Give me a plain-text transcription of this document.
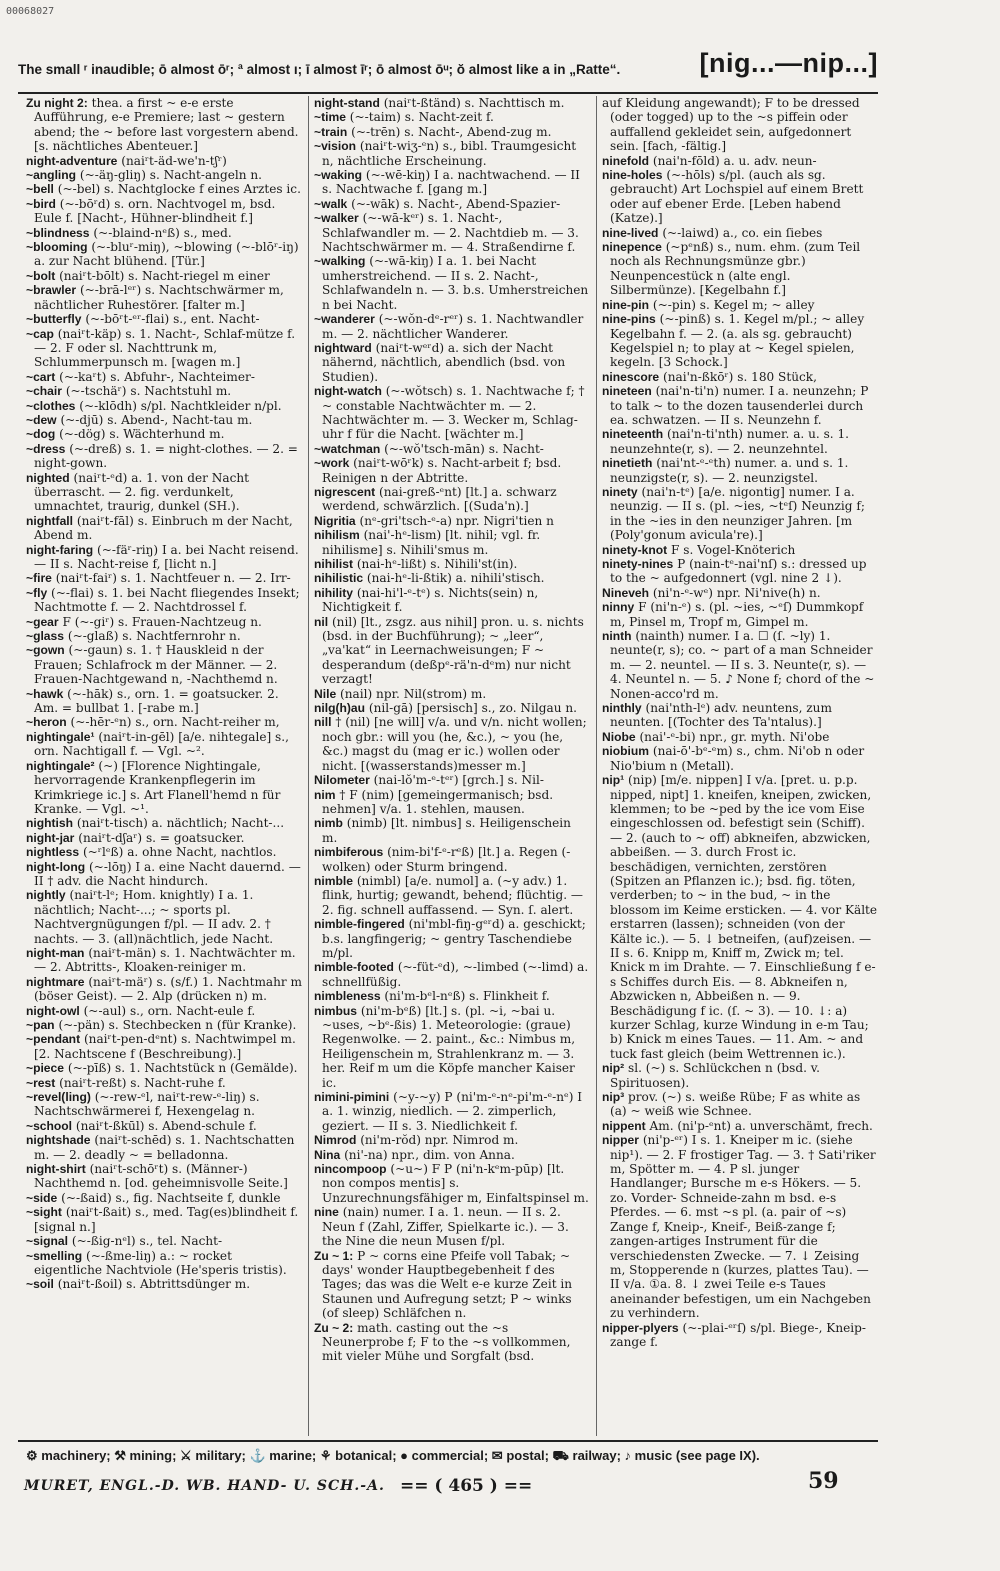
00068027
The small ʳ inaudible; ō almost ōʳ; ª almost ı; ī almost īʳ; ō almost ōᵘ; ŏ almost like a in „Ratte“.	[nig...—nip...]
Zu night 2: thea. a first ~ e-e erste Aufführung, e-e Premiere; last ~ gestern abend; the ~ before last vorgestern abend. [s. nächtliches Abenteuer.]
night-adventure (naiʳt-äd-we'n-tʃʳ)
~angling (~-äŋ-gliŋ) s. Nacht-angeln n.
~bell (~-bel) s. Nachtglocke f eines Arztes ic.
~bird (~-bōʳd) s. orn. Nachtvogel m, bsd. Eule f. [Nacht-, Hühner-blindheit f.]
~blindness (~-blaind-nᵉß) s., med.
~blooming (~-bluʳ-miŋ), ~blowing (~-blōʳ-iŋ) a. zur Nacht blühend. [Tür.]
~bolt (naiʳt-bōlt) s. Nacht-riegel m einer
~brawler (~-brā-lᵉʳ) s. Nachtschwärmer m, nächtlicher Ruhestörer. [falter m.]
~butterfly (~-bōʳt-ᵉʳ-flai) s., ent. Nacht-
~cap (naiʳt-käp) s. 1. Nacht-, Schlaf-mütze f. — 2. F oder sl. Nachttrunk m, Schlummerpunsch m. [wagen m.]
~cart (~-kaʳt) s. Abfuhr-, Nachteimer-
~chair (~-tschäʳ) s. Nachtstuhl m.
~clothes (~-klōdh) s/pl. Nachtkleider n/pl.
~dew (~-djū) s. Abend-, Nacht-tau m.
~dog (~-dög) s. Wächterhund m.
~dress (~-dreß) s. 1. = night-clothes. — 2. = night-gown.
nighted (naiʳt-ᵉd) a. 1. von der Nacht überrascht. — 2. fig. verdunkelt, umnachtet, traurig, dunkel (SH.).
nightfall (naiʳt-fāl) s. Einbruch m der Nacht, Abend m.
night-faring (~-fäʳ-riŋ) I a. bei Nacht reisend. — II s. Nacht-reise f, [licht n.]
~fire (naiʳt-faiʳ) s. 1. Nachtfeuer n. — 2. Irr-
~fly (~-flai) s. 1. bei Nacht fliegendes Insekt; Nachtmotte f. — 2. Nachtdrossel f.
~gear F (~-giʳ) s. Frauen-Nachtzeug n.
~glass (~-glaß) s. Nachtfernrohr n.
~gown (~-gaun) s. 1. † Hauskleid n der Frauen; Schlafrock m der Männer. — 2. Frauen-Nachtgewand n, -Nachthemd n.
~hawk (~-hāk) s., orn. 1. = goatsucker. 2. Am. = bullbat 1. [-rabe m.]
~heron (~-hēr-ᵉn) s., orn. Nacht-reiher m,
nightingale¹ (naiʳt-in-gēl) [a/e. nihtegale] s., orn. Nachtigall f. — Vgl. ~².
nightingale² (~) [Florence Nightingale, hervorragende Krankenpflegerin im Krimkriege ic.] s. Art Flanell'hemd n für Kranke. — Vgl. ~¹.
nightish (naiʳt-tisch) a. nächtlich; Nacht-...
night-jar (naiʳt-dʃaʳ) s. = goatsucker.
nightless (~ʳlᵉß) a. ohne Nacht, nachtlos.
night-long (~-lōŋ) I a. eine Nacht dauernd. — II † adv. die Nacht hindurch.
nightly (naiʳt-lᵉ; Hom. knightly) I a. 1. nächtlich; Nacht-...; ~ sports pl. Nachtvergnügungen f/pl. — II adv. 2. † nachts. — 3. (all)nächtlich, jede Nacht.
night-man (naiʳt-män) s. 1. Nachtwächter m. — 2. Abtritts-, Kloaken-reiniger m.
nightmare (naiʳt-mäʳ) s. (s/f.) 1. Nachtmahr m (böser Geist). — 2. Alp (drücken n) m.
night-owl (~-aul) s., orn. Nacht-eule f.
~pan (~-pän) s. Stechbecken n (für Kranke).
~pendant (naiʳt-pen-dᵉnt) s. Nachtwimpel m. [2. Nachtscene f (Beschreibung).]
~piece (~-pīß) s. 1. Nachtstück n (Gemälde).
~rest (naiʳt-reßt) s. Nacht-ruhe f.
~revel(ling) (~-rew-ᵉl, naiʳt-rew-ᵉ-liŋ) s. Nachtschwärmerei f, Hexengelag n.
~school (naiʳt-ßkūl) s. Abend-schule f.
nightshade (naiʳt-schēd) s. 1. Nachtschatten m. — 2. deadly ~ = belladonna.
night-shirt (naiʳt-schōʳt) s. (Männer-) Nachthemd n. [od. geheimnisvolle Seite.]
~side (~-ßaid) s., fig. Nachtseite f, dunkle
~sight (naiʳt-ßait) s., med. Tag(es)blindheit f. [signal n.]
~signal (~-ßig-nᵉl) s., tel. Nacht-
~smelling (~-ßme-liŋ) a.: ~ rocket eigentliche Nachtviole (He'speris tristis).
~soil (naiʳt-ßoil) s. Abtrittsdünger m.
night-stand (naiʳt-ßtänd) s. Nachttisch m.
~time (~-taim) s. Nacht-zeit f.
~train (~-trēn) s. Nacht-, Abend-zug m.
~vision (naiʳt-wiʒ-ᵉn) s., bibl. Traumgesicht n, nächtliche Erscheinung.
~waking (~-wē-kiŋ) I a. nachtwachend. — II s. Nachtwache f. [gang m.]
~walk (~-wāk) s. Nacht-, Abend-Spazier-
~walker (~-wā-kᵉʳ) s. 1. Nacht-, Schlafwandler m. — 2. Nachtdieb m. — 3. Nachtschwärmer m. — 4. Straßendirne f.
~walking (~-wā-kiŋ) I a. 1. bei Nacht umherstreichend. — II s. 2. Nacht-, Schlafwandeln n. — 3. b.s. Umherstreichen n bei Nacht.
~wanderer (~-wŏn-dᵉ-rᵉʳ) s. 1. Nachtwandler m. — 2. nächtlicher Wanderer.
nightward (naiʳt-wᵉʳd) a. sich der Nacht nähernd, nächtlich, abendlich (bsd. von Studien).
night-watch (~-wŏtsch) s. 1. Nachtwache f; † ~ constable Nachtwächter m. — 2. Nachtwächter m. — 3. Wecker m, Schlag-uhr f für die Nacht. [wächter m.]
~watchman (~-wŏ'tsch-mān) s. Nacht-
~work (naiʳt-wōʳk) s. Nacht-arbeit f; bsd. Reinigen n der Abtritte.
nigrescent (nai-greß-ᵉnt) [lt.] a. schwarz werdend, schwärzlich. [(Suda'n).]
Nigritia (nᵉ-gri'tsch-ᵉ-a) npr. Nigri'tien n
nihilism (nai'-hᵉ-lism) [lt. nihil; vgl. fr. nihilisme] s. Nihili'smus m.
nihilist (nai-hᵉ-lißt) s. Nihili'st(in).
nihilistic (nai-hᵉ-li-ßtik) a. nihili'stisch.
nihility (nai-hi'l-ᵉ-tᵉ) s. Nichts(sein) n, Nichtigkeit f.
nil (nil) [lt., zsgz. aus nihil] pron. u. s. nichts (bsd. in der Buchführung); ~ „leer“, „va'kat“ in Leernachweisungen; F ~ desperandum (deßpᵉ-rä'n-dᵉm) nur nicht verzagt!
Nile (nail) npr. Nil(strom) m.
nilg(h)au (nil-gā) [persisch] s., zo. Nilgau n.
nill † (nil) [ne will] v/a. und v/n. nicht wollen; noch gbr.: will you (he, &c.), ~ you (he, &c.) magst du (mag er ic.) wollen oder nicht. [(wasserstands)messer m.]
Nilometer (nai-lŏ'm-ᵉ-tᵉʳ) [grch.] s. Nil-
nim † F (nim) [gemeingermanisch; bsd. nehmen] v/a. 1. stehlen, mausen.
nimb (nimb) [lt. nimbus] s. Heiligenschein m.
nimbiferous (nim-bi'f-ᵉ-rᵉß) [lt.] a. Regen (-wolken) oder Sturm bringend.
nimble (nimbl) [a/e. numol] a. (~y adv.) 1. flink, hurtig; gewandt, behend; flüchtig. — 2. fig. schnell auffassend. — Syn. ſ. alert.
nimble-fingered (ni'mbl-fiŋ-gᵉʳd) a. geschickt; b.s. langfingerig; ~ gentry Taschendiebe m/pl.
nimble-footed (~-füt-ᵉd), ~-limbed (~-limd) a. schnellfüßig.
nimbleness (ni'm-bᵉl-nᵉß) s. Flinkheit f.
nimbus (ni'm-bᵉß) [lt.] s. (pl. ~i, ~bai u. ~uses, ~bᵉ-ßis) 1. Meteorologie: (graue) Regenwolke. — 2. paint., &c.: Nimbus m, Heiligenschein m, Strahlenkranz m. — 3. her. Reif m um die Köpfe mancher Kaiser ic.
nimini-pimini (~y-~y) P (ni'm-ᵉ-nᵉ-pi'm-ᵉ-nᵉ) I a. 1. winzig, niedlich. — 2. zimperlich, geziert. — II s. 3. Niedlichkeit f.
Nimrod (ni'm-rŏd) npr. Nimrod m.
Nina (ni'-na) npr., dim. von Anna.
nincompoop (~u~) F P (ni'n-kᵉm-pūp) [lt. non compos mentis] s. Unzurechnungsfähiger m, Einfaltspinsel m.
nine (nain) numer. I a. 1. neun. — II s. 2. Neun f (Zahl, Ziffer, Spielkarte ic.). — 3. the Nine die neun Musen f/pl.
Zu ~ 1: P ~ corns eine Pfeife voll Tabak; ~ days' wonder Hauptbegebenheit f des Tages; das was die Welt e-e kurze Zeit in Staunen und Aufregung setzt; P ~ winks (of sleep) Schläfchen n.
Zu ~ 2: math. casting out the ~s Neunerprobe f; F to the ~s vollkommen, mit vieler Mühe und Sorgfalt (bsd.
auf Kleidung angewandt); F to be dressed (oder togged) up to the ~s piffein oder auffallend gekleidet sein, aufgedonnert sein. [fach, -fältig.]
ninefold (nai'n-fōld) a. u. adv. neun-
nine-holes (~-hōls) s/pl. (auch als sg. gebraucht) Art Lochspiel auf einem Brett oder auf ebener Erde. [Leben habend (Katze).]
nine-lived (~-laiwd) a., co. ein ſiebes
ninepence (~pᵉnß) s., num. ehm. (zum Teil noch als Rechnungsmünze gbr.) Neunpencestück n (alte engl. Silbermünze). [Kegelbahn f.]
nine-pin (~-pin) s. Kegel m; ~ alley
nine-pins (~-pinß) s. 1. Kegel m/pl.; ~ alley Kegelbahn f. — 2. (a. als sg. gebraucht) Kegelspiel n; to play at ~ Kegel spielen, kegeln. [3 Schock.]
ninescore (nai'n-ßkōʳ) s. 180 Stück,
nineteen (nai'n-ti'n) numer. I a. neunzehn; P to talk ~ to the dozen tausenderlei durch ea. schwatzen. — II s. Neunzehn f.
nineteenth (nai'n-ti'nth) numer. a. u. s. 1. neunzehnte(r, s). — 2. neunzehntel.
ninetieth (nai'nt-ᵉ-ᵉth) numer. a. und s. 1. neunzigste(r, s). — 2. neunzigstel.
ninety (nai'n-tᵉ) [a/e. nigontig] numer. I a. neunzig. — II s. (pl. ~ies, ~tᵉſ) Neunzig f; in the ~ies in den neunziger Jahren. [m (Poly'gonum avicula're).]
ninety-knot F s. Vogel-Knöterich
ninety-nines P (nain-tᵉ-nai'nſ) s.: dressed up to the ~ aufgedonnert (vgl. nine 2 ↓).
Nineveh (ni'n-ᵉ-wᵉ) npr. Ni'nive(h) n.
ninny F (ni'n-ᵉ) s. (pl. ~ies, ~ᵉſ) Dummkopf m, Pinsel m, Tropf m, Gimpel m.
ninth (nainth) numer. I a. ☐ (ſ. ~ly) 1. neunte(r, s); co. ~ part of a man Schneider m. — 2. neuntel. — II s. 3. Neunte(r, s). — 4. Neuntel n. — 5. ♪ None f; chord of the ~ Nonen-acco'rd m.
ninthly (nai'nth-lᵉ) adv. neuntens, zum neunten. [(Tochter des Ta'ntalus).]
Niobe (nai'-ᵉ-bi) npr., gr. myth. Ni'obe
niobium (nai-ō'-bᵉ-ᵉm) s., chm. Ni'ob n oder Nio'bium n (Metall).
nip¹ (nip) [m/e. nippen] I v/a. [pret. u. p.p. nipped, nipt] 1. kneifen, kneipen, zwicken, klemmen; to be ~ped by the ice vom Eise eingeschlossen od. befestigt sein (Schiff). — 2. (auch to ~ off) abkneifen, abzwicken, abbeißen. — 3. durch Frost ic. beschädigen, vernichten, zerstören (Spitzen an Pflanzen ic.); bsd. fig. töten, verderben; to ~ in the bud, ~ in the blossom im Keime ersticken. — 4. vor Kälte erstarren (lassen); schneiden (von der Kälte ic.). — 5. ↓ betneifen, (auf)zeisen. — II s. 6. Knipp m, Kniff m, Zwick m; tel. Knick m im Drahte. — 7. Einschließung f e-s Schiffes durch Eis. — 8. Abkneifen n, Abzwicken n, Abbeißen n. — 9. Beschädigung f ic. (ſ. ~ 3). — 10. ↓: a) kurzer Schlag, kurze Windung in e-m Tau; b) Knick m eines Taues. — 11. Am. ~ and tuck fast gleich (beim Wettrennen ic.).
nip² sl. (~) s. Schlückchen n (bsd. v. Spirituosen).
nip³ prov. (~) s. weiße Rübe; F as white as (a) ~ weiß wie Schnee.
nippent Am. (ni'p-ᵉnt) a. unverschämt, frech.
nipper (ni'p-ᵉʳ) I s. 1. Kneiper m ic. (siehe nip¹). — 2. F frostiger Tag. — 3. † Sati'riker m, Spötter m. — 4. P sl. junger Handlanger; Bursche m e-s Hökers. — 5. zo. Vorder- Schneide-zahn m bsd. e-s Pferdes. — 6. mst ~s pl. (a. pair of ~s) Zange f, Kneip-, Kneif-, Beiß-zange f; zangen-artiges Instrument für die verschiedensten Zwecke. — 7. ↓ Zeising m, Stopperende n (kurzes, plattes Tau). — II v/a. ①a. 8. ↓ zwei Teile e-s Taues aneinander befestigen, um ein Nachgeben zu verhindern.
nipper-plyers (~-plai-ᵉʳſ) s/pl. Biege-, Kneip-zange f.
⚙ machinery; ⚒ mining; ⚔ military; ⚓ marine; ⚘ botanical; ● commercial; ✉ postal; ⛟ railway; ♪ music (see page IX).
MURET, ENGL.-D. WB. HAND- U. SCH.-A. == ( 465 ) ==	59
